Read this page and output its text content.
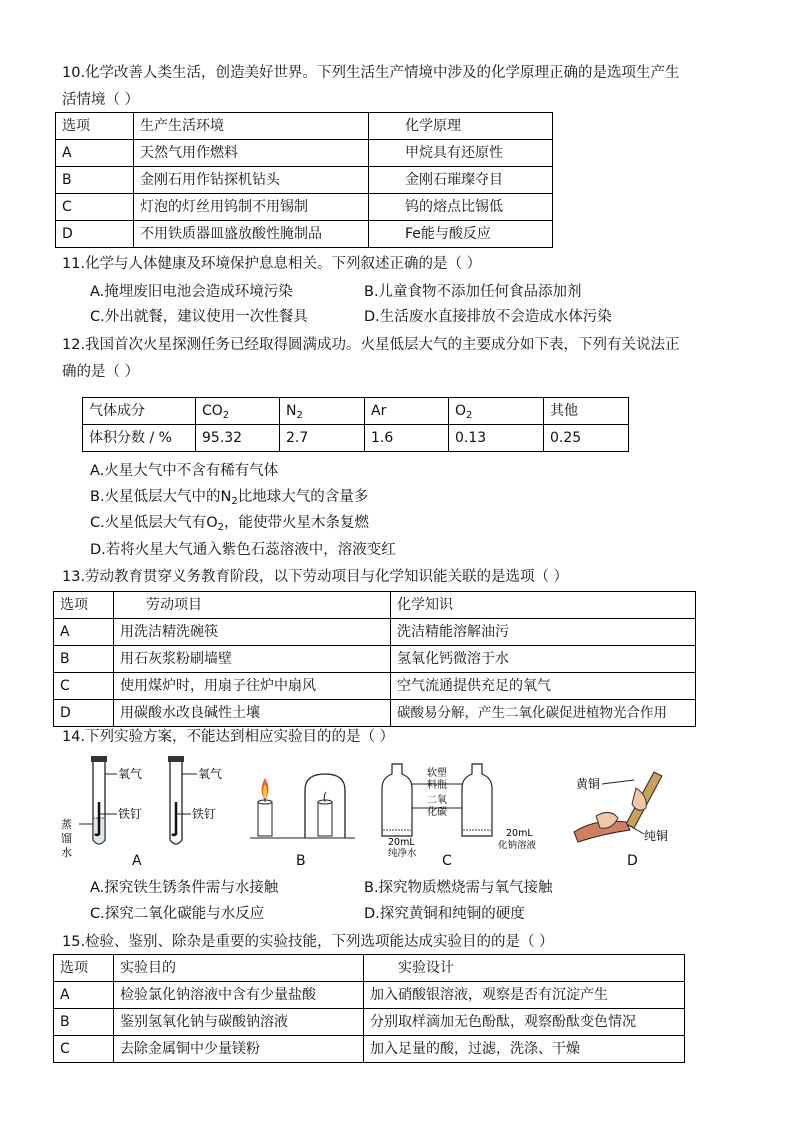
10.化学改善人类生活，创造美好世界。下列生活生产情境中涉及的化学原理正确的是选项生产生
活情境（ ）
选项	生产生活环境	化学原理
A	天然气用作燃料	甲烷具有还原性
B	金刚石用作钻探机钻头	金刚石璀璨夺目
C	灯泡的灯丝用钨制不用锡制	钨的熔点比锡低
D	不用铁质器皿盛放酸性腌制品	Fe能与酸反应
11.化学与人体健康及环境保护息息相关。下列叙述正确的是（ ）
A.掩埋废旧电池会造成环境污染	B.儿童食物不添加任何食品添加剂
C.外出就餐，建议使用一次性餐具	D.生活废水直接排放不会造成水体污染
12.我国首次火星探测任务已经取得圆满成功。火星低层大气的主要成分如下表，下列有关说法正
确的是（ ）
气体成分	$CO_2$	$N_2$	Ar	$O_2$	其他
体积分数 / %	95.32	2.7	1.6	0.13	0.25
A.火星大气中不含有稀有气体
B.火星低层大气中的$N_2$比地球大气的含量多
C.火星低层大气有$O_2$，能使带火星木条复燃
D.若将火星大气通入紫色石蕊溶液中，溶液变红
13.劳动教育贯穿义务教育阶段，以下劳动项目与化学知识能关联的是选项（ ）
选项	劳动项目	化学知识
A	用洗洁精洗碗筷	洗洁精能溶解油污
B	用石灰浆粉刷墙壁	氢氧化钙微溶于水
C	使用煤炉时，用扇子往炉中扇风	空气流通提供充足的氧气
D	用碳酸水改良碱性土壤	碳酸易分解，产生二氧化碳促进植物光合作用
14.下列实验方案，不能达到相应实验目的的是（ ）
氧气
铁钉
蒸
馏
水
氧气
铁钉
A	B
软塑
料瓶
二氧
化碳
20mL
纯净水
20mL
化钠溶液
C
黄铜
纯铜
D
A.探究铁生锈条件需与水接触	B.探究物质燃烧需与氧气接触
C.探究二氧化碳能与水反应	D.探究黄铜和纯铜的硬度
15.检验、鉴别、除杂是重要的实验技能，下列选项能达成实验目的的是（ ）
选项	实验目的	实验设计
A	检验氯化钠溶液中含有少量盐酸	加入硝酸银溶液，观察是否有沉淀产生
B	鉴别氢氧化钠与碳酸钠溶液	分别取样滴加无色酚酞，观察酚酞变色情况
C	去除金属铜中少量镁粉	加入足量的酸，过滤，洗涤、干燥
